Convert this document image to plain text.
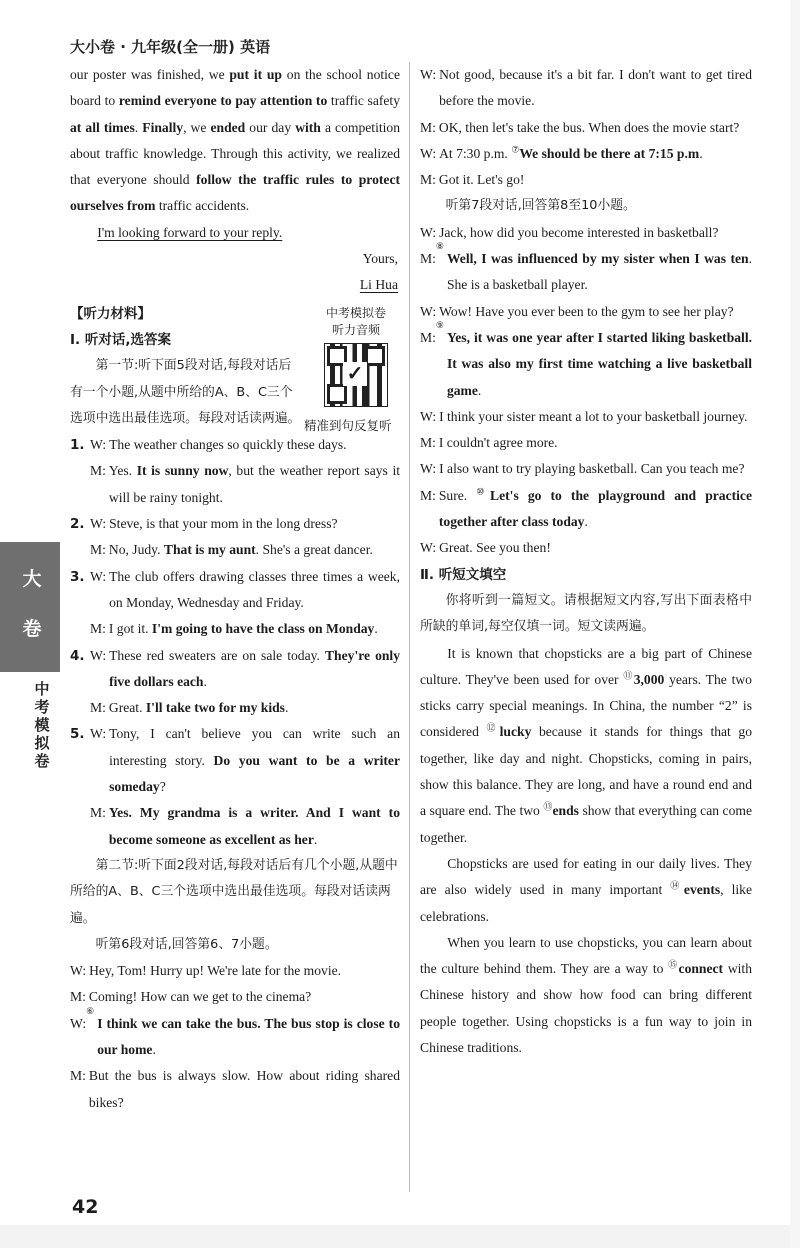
大小卷 · 九年级(全一册) 英语
大
卷
中考模拟卷

our poster was finished, we put it up on the school notice board to remind everyone to pay attention to traffic safety at all times. Finally, we ended our day with a competition about traffic knowledge. Through this activity, we realized that everyone should follow the traffic rules to protect ourselves from traffic accidents.

I'm looking forward to your reply.

Yours,

Li Hua

【听力材料】

Ⅰ. 听对话,选答案

第一节:听下面5段对话,每段对话后有一个小题,从题中所给的A、B、C三个选项中选出最佳选项。每段对话读两遍。

1. W: The weather changes so quickly these days.
M: Yes. It is sunny now, but the weather report says it will be rainy tonight.
2. W: Steve, is that your mom in the long dress?
M: No, Judy. That is my aunt. She's a great dancer.
3. W: The club offers drawing classes three times a week, on Monday, Wednesday and Friday.
M: I got it. I'm going to have the class on Monday.
4. W: These red sweaters are on sale today. They're only five dollars each.
M: Great. I'll take two for my kids.
5. W: Tony, I can't believe you can write such an interesting story. Do you want to be a writer someday?
M: Yes. My grandma is a writer. And I want to become someone as excellent as her.

第二节:听下面2段对话,每段对话后有几个小题,从题中所给的A、B、C三个选项中选出最佳选项。每段对话读两遍。

听第6段对话,回答第6、7小题。

W: Hey, Tom! Hurry up! We're late for the movie.
M: Coming! How can we get to the cinema?
W:
⑥
I think we can take the bus. The bus stop is close to our home.
M: But the bus is always slow. How about riding shared bikes?
中考模拟卷
听力音频
✓
精准到句反复听
W: Not good, because it's a bit far. I don't want to get tired before the movie.
M: OK, then let's take the bus. When does the movie start?
W: At 7:30 p.m. ⑦We should be there at 7:15 p.m.
M: Got it. Let's go!

听第7段对话,回答第8至10小题。

W: Jack, how did you become interested in basketball?
M:
⑧
Well, I was influenced by my sister when I was ten. She is a basketball player.
W: Wow! Have you ever been to the gym to see her play?
M:
⑨
Yes, it was one year after I started liking basketball. It was also my first time watching a live basketball game.
W: I think your sister meant a lot to your basketball journey.
M: I couldn't agree more.
W: I also want to try playing basketball. Can you teach me?
M: Sure. ⑩Let's go to the playground and practice together after class today.
W: Great. See you then!

Ⅱ. 听短文填空

你将听到一篇短文。请根据短文内容,写出下面表格中所缺的单词,每空仅填一词。短文读两遍。

It is known that chopsticks are a big part of Chinese culture. They've been used for over ⑪3,000 years. The two sticks carry special meanings. In China, the number “2” is considered ⑫lucky because it stands for things that go together, like day and night. Chopsticks, coming in pairs, show this balance. They are long, and have a round end and a square end. The two ⑬ends show that everything can come together.

Chopsticks are used for eating in our daily lives. They are also widely used in many important ⑭events, like celebrations.

When you learn to use chopsticks, you can learn about the culture behind them. They are a way to ⑮connect with Chinese history and show how food can bring different people together. Using chopsticks is a fun way to join in Chinese traditions.

42
